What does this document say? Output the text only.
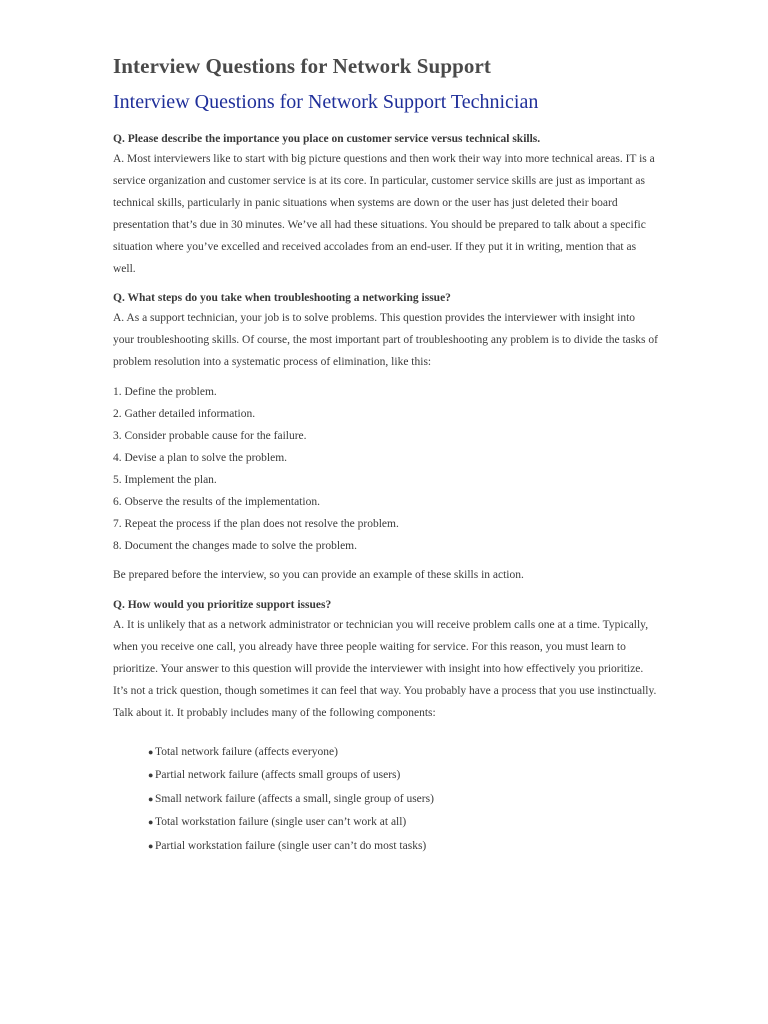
Interview Questions for Network Support
Interview Questions for Network Support Technician

Q. Please describe the importance you place on customer service versus technical skills.

A. Most interviewers like to start with big picture questions and then work their way into more technical areas. IT is a service organization and customer service is at its core. In particular, customer service skills are just as important as technical skills, particularly in panic situations when systems are down or the user has just deleted their board presentation that’s due in 30 minutes. We’ve all had these situations. You should be prepared to talk about a specific situation where you’ve excelled and received accolades from an end-user. If they put it in writing, mention that as well.

Q. What steps do you take when troubleshooting a networking issue?

A. As a support technician, your job is to solve problems. This question provides the interviewer with insight into your troubleshooting skills. Of course, the most important part of troubleshooting any problem is to divide the tasks of problem resolution into a systematic process of elimination, like this:

1. Define the problem.
2. Gather detailed information.
3. Consider probable cause for the failure.
4. Devise a plan to solve the problem.
5. Implement the plan.
6. Observe the results of the implementation.
7. Repeat the process if the plan does not resolve the problem.
8. Document the changes made to solve the problem.

Be prepared before the interview, so you can provide an example of these skills in action.

Q. How would you prioritize support issues?

A. It is unlikely that as a network administrator or technician you will receive problem calls one at a time. Typically, when you receive one call, you already have three people waiting for service. For this reason, you must learn to prioritize. Your answer to this question will provide the interviewer with insight into how effectively you prioritize. It’s not a trick question, though sometimes it can feel that way. You probably have a process that you use instinctually. Talk about it. It probably includes many of the following components:

● Total network failure (affects everyone)
● Partial network failure (affects small groups of users)
● Small network failure (affects a small, single group of users)
● Total workstation failure (single user can’t work at all)
● Partial workstation failure (single user can’t do most tasks)
